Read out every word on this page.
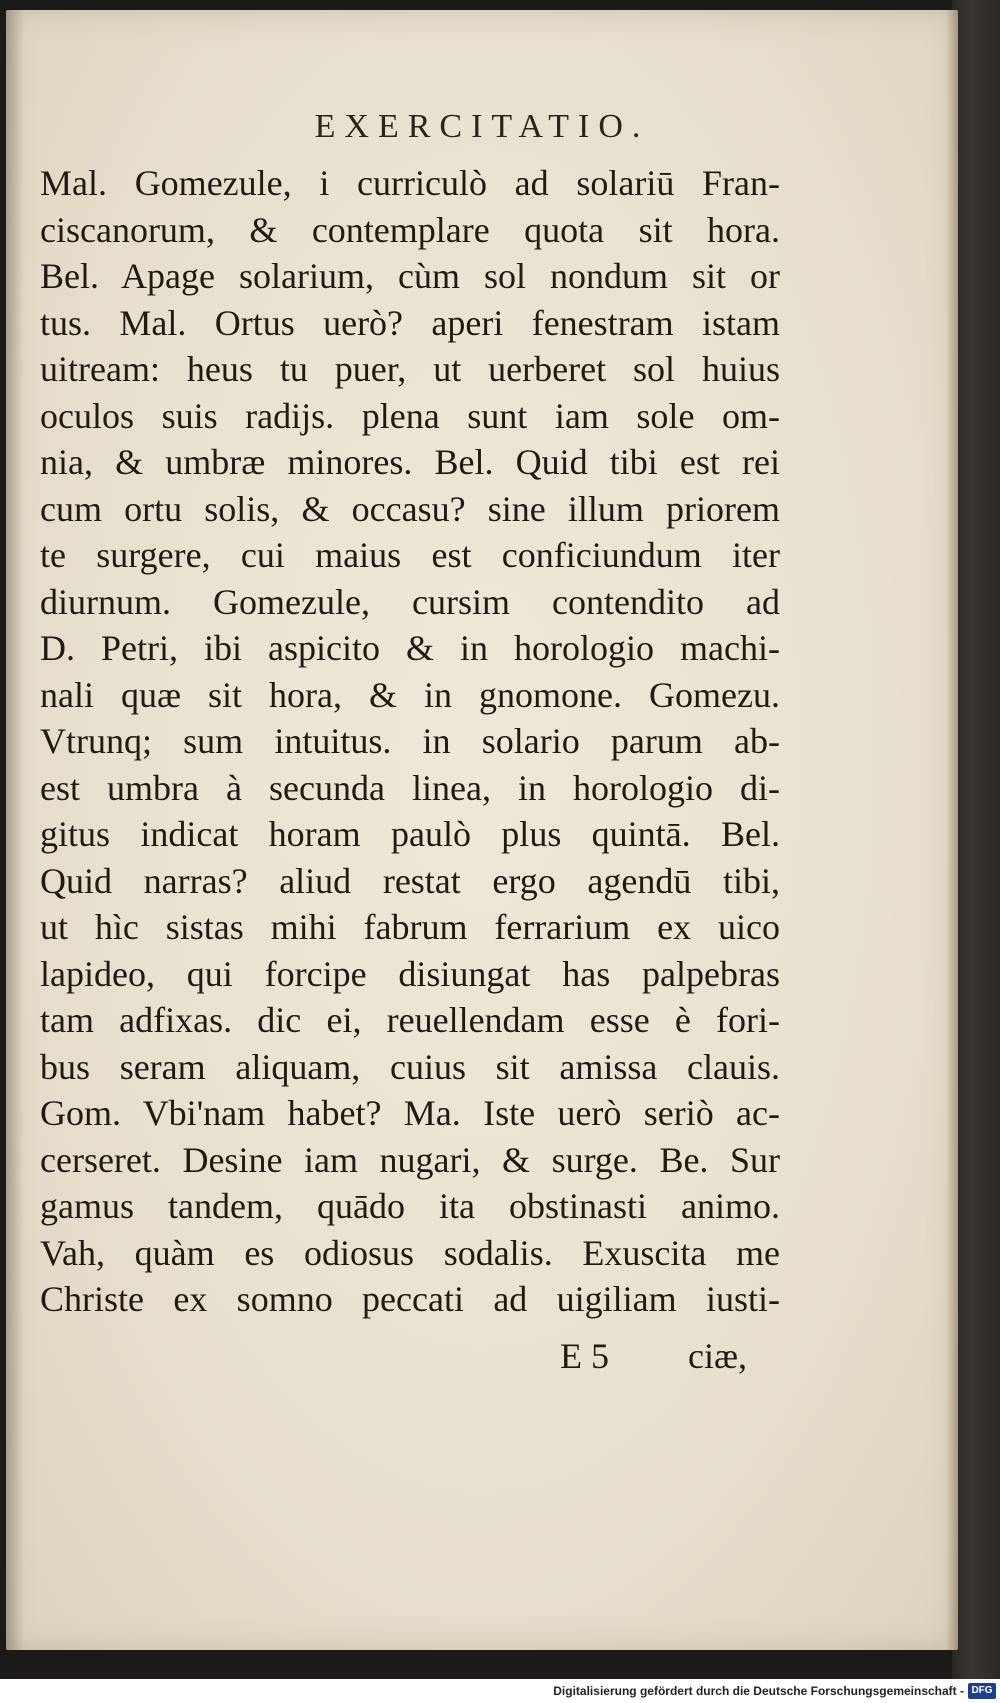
EXERCITATIO.
Mal. Gomezule, i curriculò ad solariū Fran-
ciscanorum, & contemplare quota sit hora.
Bel. Apage solarium, cùm sol nondum sit or
tus. Mal. Ortus uerò? aperi fenestram istam
uitream: heus tu puer, ut uerberet sol huius
oculos suis radijs. plena sunt iam sole om-
nia, & umbræ minores. Bel. Quid tibi est rei
cum ortu solis, & occasu? sine illum priorem
te surgere, cui maius est conficiundum iter
diurnum. Gomezule, cursim contendito ad
D. Petri, ibi aspicito & in horologio machi-
nali quæ sit hora, & in gnomone. Gomezu.
Vtrunq; sum intuitus. in solario parum ab-
est umbra à secunda linea, in horologio di-
gitus indicat horam paulò plus quintā. Bel.
Quid narras? aliud restat ergo agendū tibi,
ut hìc sistas mihi fabrum ferrarium ex uico
lapideo, qui forcipe disiungat has palpebras
tam adfixas. dic ei, reuellendam esse è fori-
bus seram aliquam, cuius sit amissa clauis.
Gom. Vbi'nam habet? Ma. Iste uerò seriò ac-
cerseret. Desine iam nugari, & surge. Be. Sur
gamus tandem, quādo ita obstinasti animo.
Vah, quàm es odiosus sodalis. Exuscita me
Christe ex somno peccati ad uigiliam iusti-
E 5 ciæ,
Digitalisierung gefördert durch die Deutsche Forschungsgemeinschaft - DFG
